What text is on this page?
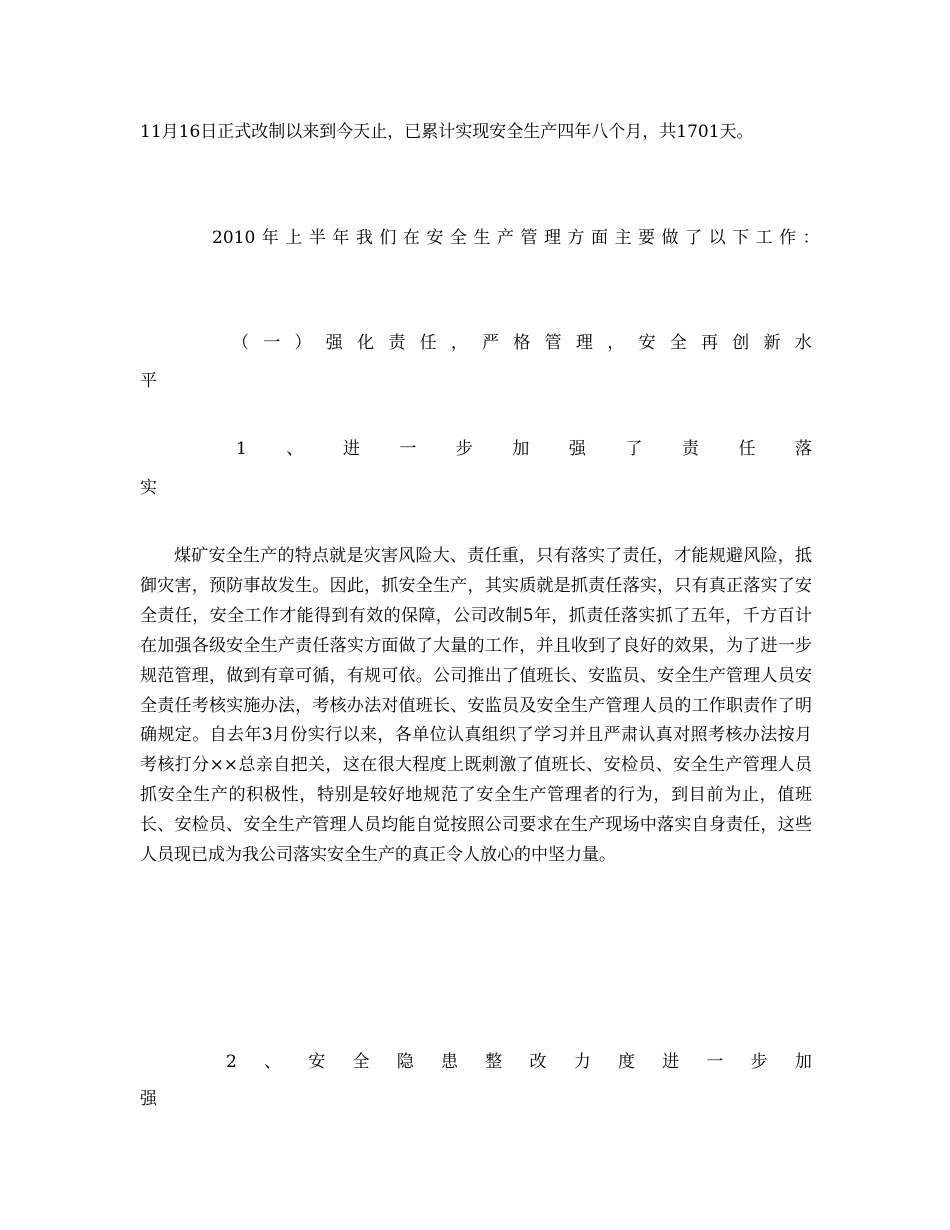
11月16日正式改制以来到今天止，已累计实现安全生产四年八个月，共1701天。
2010 年 上 半 年 我 们 在 安 全 生 产 管 理 方 面 主 要 做 了 以 下 工 作 ：
（ 一 ） 强 化 责 任 ， 严 格 管 理 ， 安 全 再 创 新 水
平
1 、 进 一 步 加 强 了 责 任 落
实
煤矿安全生产的特点就是灾害风险大、责任重，只有落实了责任，才能规避风险，抵御灾害，预防事故发生。因此，抓安全生产，其实质就是抓责任落实，只有真正落实了安全责任，安全工作才能得到有效的保障，公司改制5年，抓责任落实抓了五年，千方百计在加强各级安全生产责任落实方面做了大量的工作，并且收到了良好的效果，为了进一步规范管理，做到有章可循，有规可依。公司推出了值班长、安监员、安全生产管理人员安全责任考核实施办法，考核办法对值班长、安监员及安全生产管理人员的工作职责作了明确规定。自去年3月份实行以来，各单位认真组织了学习并且严肃认真对照考核办法按月考核打分××总亲自把关，这在很大程度上既刺激了值班长、安检员、安全生产管理人员抓安全生产的积极性，特别是较好地规范了安全生产管理者的行为，到目前为止，值班长、安检员、安全生产管理人员均能自觉按照公司要求在生产现场中落实自身责任，这些人员现已成为我公司落实安全生产的真正令人放心的中坚力量。
2 、 安 全 隐 患 整 改 力 度 进 一 步 加
强
